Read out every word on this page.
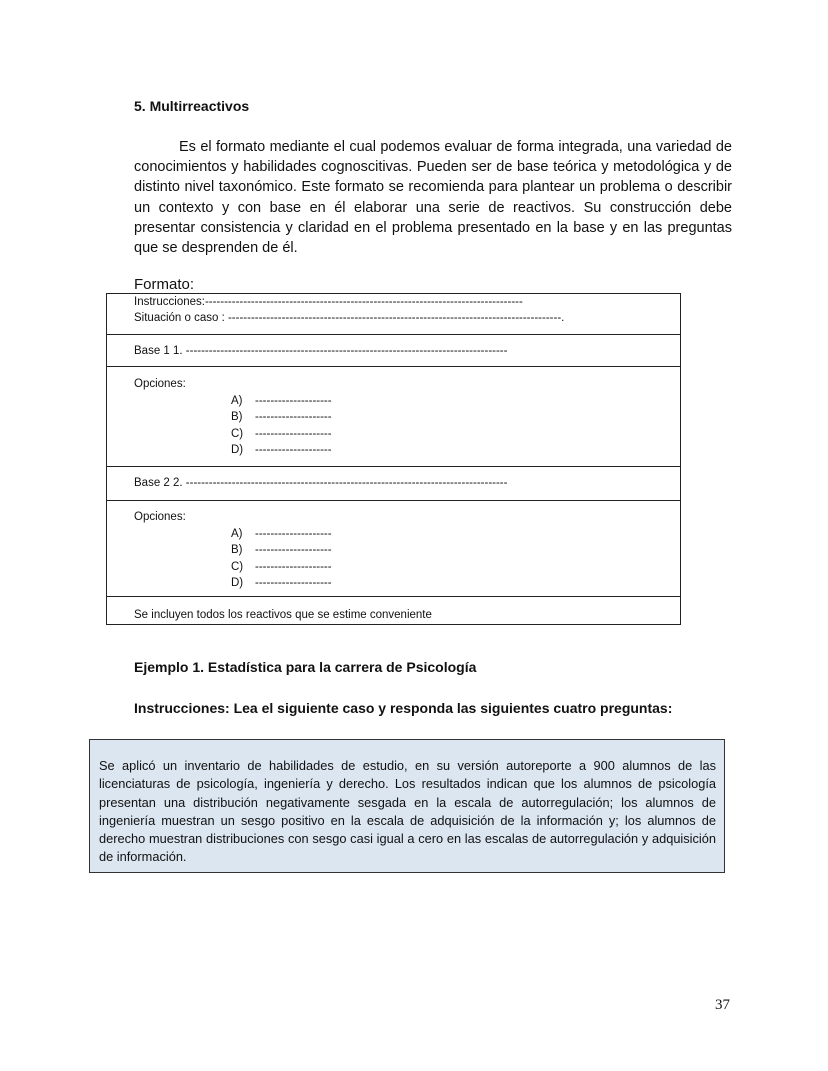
5. Multirreactivos

Es el formato mediante el cual podemos evaluar de forma integrada, una variedad de conocimientos y habilidades cognoscitivas. Pueden ser de base teórica y metodológica y de distinto nivel taxonómico. Este formato se recomienda para plantear un problema o describir un contexto y con base en él elaborar una serie de reactivos. Su construcción debe presentar consistencia y claridad en el problema presentado en la base y en las preguntas que se desprenden de él.

Formato:
Instrucciones:-----------------------------------------------------------------------------------
Situación o caso : ---------------------------------------------------------------------------------------.
Base 1 1. ------------------------------------------------------------------------------------
Opciones:
A) --------------------
B) --------------------
C) --------------------
D) --------------------
Base 2 2. ------------------------------------------------------------------------------------
Opciones:
A) --------------------
B) --------------------
C) --------------------
D) --------------------
Se incluyen todos los reactivos que se estime conveniente
Ejemplo 1. Estadística para la carrera de Psicología
Instrucciones: Lea el siguiente caso y responda las siguientes cuatro preguntas:

Se aplicó un inventario de habilidades de estudio, en su versión autoreporte a 900 alumnos de las licenciaturas de psicología, ingeniería y derecho. Los resultados indican que los alumnos de psicología presentan una distribución negativamente sesgada en la escala de autorregulación; los alumnos de ingeniería muestran un sesgo positivo en la escala de adquisición de la información y; los alumnos de derecho muestran distribuciones con sesgo casi igual a cero en las escalas de autorregulación y adquisición de información.

37
